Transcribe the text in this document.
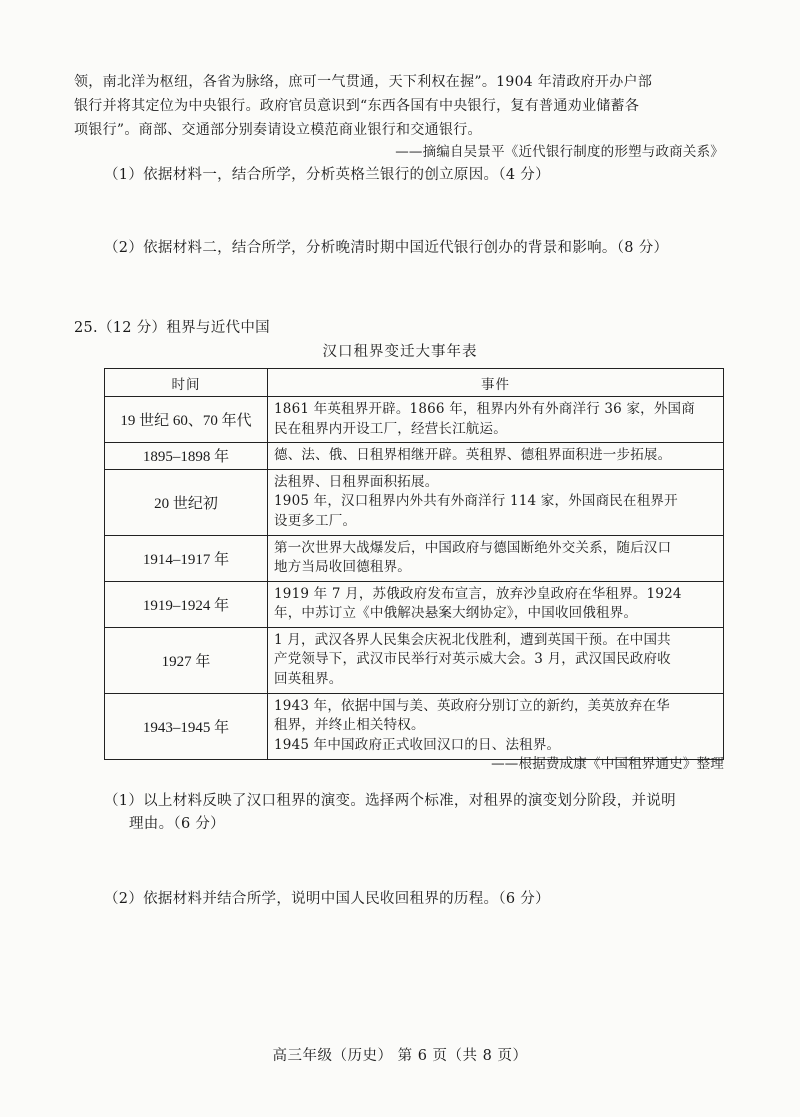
领，南北洋为枢纽，各省为脉络，庶可一气贯通，天下利权在握”。1904 年清政府开办户部
银行并将其定位为中央银行。政府官员意识到“东西各国有中央银行，复有普通劝业储蓄各
项银行”。商部、交通部分别奏请设立模范商业银行和交通银行。
——摘编自吴景平《近代银行制度的形塑与政商关系》
（1）依据材料一，结合所学，分析英格兰银行的创立原因。（4 分）
（2）依据材料二，结合所学，分析晚清时期中国近代银行创办的背景和影响。（8 分）
25.（12 分）租界与近代中国
汉口租界变迁大事年表
时间	事件
19 世纪 60、70 年代	1861 年英租界开辟。1866 年，租界内外有外商洋行 36 家，外国商
民在租界内开设工厂，经营长江航运。

1895–1898 年	德、法、俄、日租界相继开辟。英租界、德租界面积进一步拓展。

20 世纪初	法租界、日租界面积拓展。
1905 年，汉口租界内外共有外商洋行 114 家，外国商民在租界开
设更多工厂。

1914–1917 年	第一次世界大战爆发后，中国政府与德国断绝外交关系，随后汉口
地方当局收回德租界。

1919–1924 年	1919 年 7 月，苏俄政府发布宣言，放弃沙皇政府在华租界。1924
年，中苏订立《中俄解决悬案大纲协定》，中国收回俄租界。

1927 年	1 月，武汉各界人民集会庆祝北伐胜利，遭到英国干预。在中国共
产党领导下，武汉市民举行对英示威大会。3 月，武汉国民政府收
回英租界。

1943–1945 年	1943 年，依据中国与美、英政府分别订立的新约，美英放弃在华
租界，并终止相关特权。
1945 年中国政府正式收回汉口的日、法租界。
——根据费成康《中国租界通史》整理
（1）以上材料反映了汉口租界的演变。选择两个标准，对租界的演变划分阶段，并说明
理由。（6 分）
（2）依据材料并结合所学，说明中国人民收回租界的历程。（6 分）
高三年级（历史） 第 6 页（共 8 页）
